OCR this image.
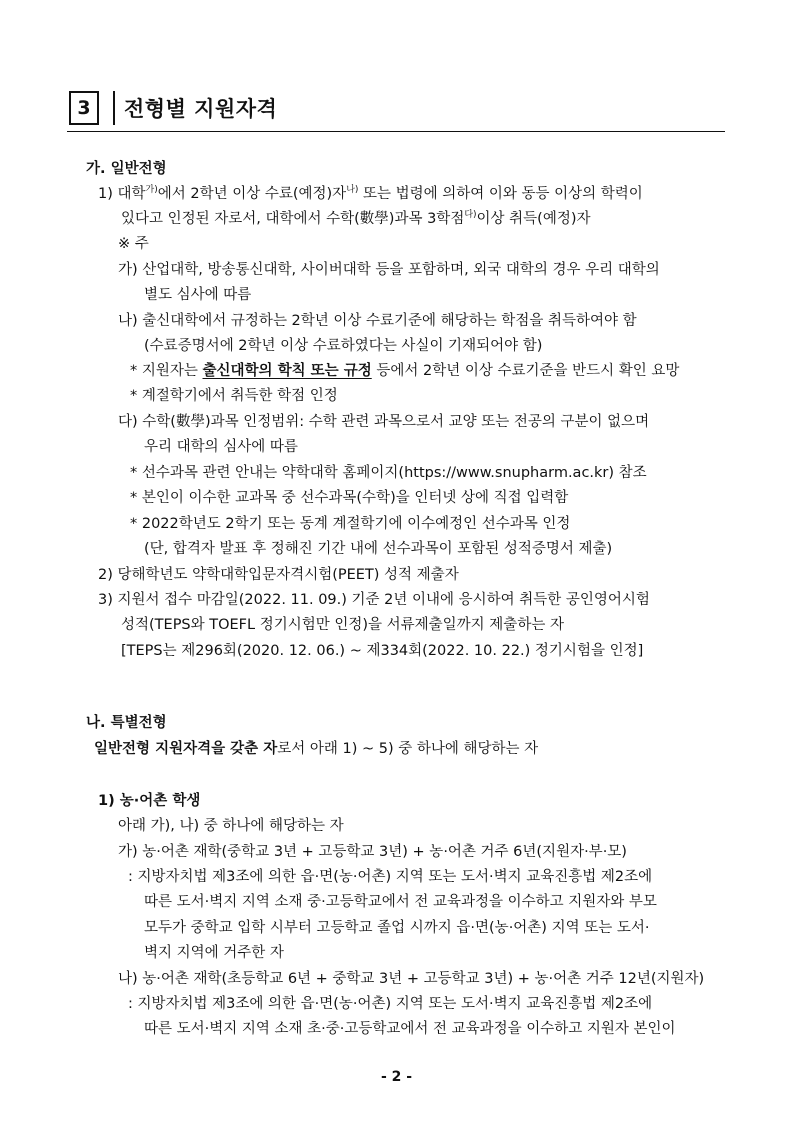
3 전형별 지원자격
가. 일반전형
1) 대학$^{가)}$에서 2학년 이상 수료(예정)자$^{나)}$ 또는 법령에 의하여 이와 동등 이상의 학력이
있다고 인정된 자로서, 대학에서 수학(數學)과목 3학점$^{다)}$이상 취득(예정)자
※ 주
가) 산업대학, 방송통신대학, 사이버대학 등을 포함하며, 외국 대학의 경우 우리 대학의
별도 심사에 따름
나) 출신대학에서 규정하는 2학년 이상 수료기준에 해당하는 학점을 취득하여야 함
(수료증명서에 2학년 이상 수료하였다는 사실이 기재되어야 함)
* 지원자는 출신대학의 학칙 또는 규정 등에서 2학년 이상 수료기준을 반드시 확인 요망
* 계절학기에서 취득한 학점 인정
다) 수학(數學)과목 인정범위: 수학 관련 과목으로서 교양 또는 전공의 구분이 없으며
우리 대학의 심사에 따름
* 선수과목 관련 안내는 약학대학 홈페이지(https://www.snupharm.ac.kr) 참조
* 본인이 이수한 교과목 중 선수과목(수학)을 인터넷 상에 직접 입력함
* 2022학년도 2학기 또는 동계 계절학기에 이수예정인 선수과목 인정
(단, 합격자 발표 후 정해진 기간 내에 선수과목이 포함된 성적증명서 제출)
2) 당해학년도 약학대학입문자격시험(PEET) 성적 제출자
3) 지원서 접수 마감일(2022. 11. 09.) 기준 2년 이내에 응시하여 취득한 공인영어시험
성적(TEPS와 TOEFL 정기시험만 인정)을 서류제출일까지 제출하는 자
[TEPS는 제296회(2020. 12. 06.) ~ 제334회(2022. 10. 22.) 정기시험을 인정]
나. 특별전형
일반전형 지원자격을 갖춘 자로서 아래 1) ~ 5) 중 하나에 해당하는 자
1) 농·어촌 학생
아래 가), 나) 중 하나에 해당하는 자
가) 농·어촌 재학(중학교 3년 + 고등학교 3년) + 농·어촌 거주 6년(지원자·부·모)
: 지방자치법 제3조에 의한 읍·면(농·어촌) 지역 또는 도서·벽지 교육진흥법 제2조에
따른 도서·벽지 지역 소재 중·고등학교에서 전 교육과정을 이수하고 지원자와 부모
모두가 중학교 입학 시부터 고등학교 졸업 시까지 읍·면(농·어촌) 지역 또는 도서·
벽지 지역에 거주한 자
나) 농·어촌 재학(초등학교 6년 + 중학교 3년 + 고등학교 3년) + 농·어촌 거주 12년(지원자)
: 지방자치법 제3조에 의한 읍·면(농·어촌) 지역 또는 도서·벽지 교육진흥법 제2조에
따른 도서·벽지 지역 소재 초·중·고등학교에서 전 교육과정을 이수하고 지원자 본인이
- 2 -
